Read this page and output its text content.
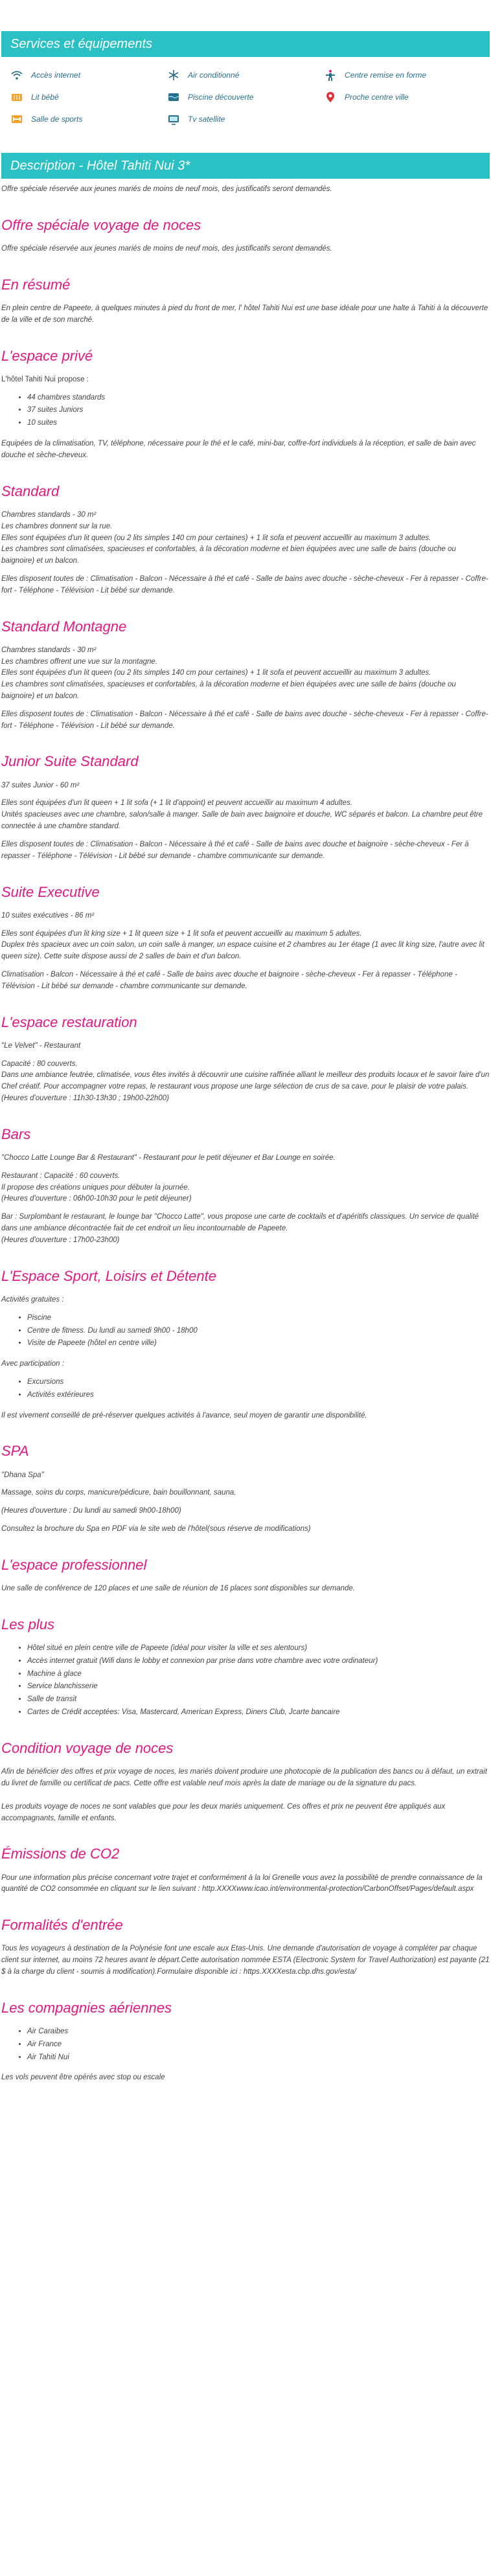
Services et équipements
Accès internet	Air conditionné	Centre remise en forme
Lit bébé	Piscine découverte	Proche centre ville
Salle de sports	Tv satellite
Description - Hôtel Tahiti Nui 3*

Offre spéciale réservée aux jeunes mariés de moins de neuf mois, des justificatifs seront demandés.

Offre spéciale voyage de noces

Offre spéciale réservée aux jeunes mariés de moins de neuf mois, des justificatifs seront demandés.

En résumé

En plein centre de Papeete, à quelques minutes à pied du front de mer, l' hôtel Tahiti Nui est une base idéale pour une halte à Tahiti à la découverte de la ville et de son marché.

L'espace privé

L'hôtel Tahiti Nui propose :

• 44 chambres standards
• 37 suites Juniors
• 10 suites

Equipées de la climatisation, TV, téléphone, nécessaire pour le thé et le café, mini-bar, coffre-fort individuels à la réception, et salle de bain avec douche et sèche-cheveux.

Standard
Chambres standards - 30 m²
Les chambres donnent sur la rue.
Elles sont équipées d'un lit queen (ou 2 lits simples 140 cm pour certaines) + 1 lit sofa et peuvent accueillir au maximum 3 adultes.

Les chambres sont climatisées, spacieuses et confortables, à la décoration moderne et bien équipées avec une salle de bains (douche ou baignoire) et un balcon.

Elles disposent toutes de : Climatisation - Balcon - Nécessaire à thé et café - Salle de bains avec douche - sèche-cheveux - Fer à repasser - Coffre-fort - Téléphone - Télévision - Lit bébé sur demande.

Standard Montagne
Chambres standards - 30 m²
Les chambres offrent une vue sur la montagne.
Elles sont équipées d'un lit queen (ou 2 lits simples 140 cm pour certaines) + 1 lit sofa et peuvent accueillir au maximum 3 adultes.

Les chambres sont climatisées, spacieuses et confortables, à la décoration moderne et bien équipées avec une salle de bains (douche ou baignoire) et un balcon.

Elles disposent toutes de : Climatisation - Balcon - Nécessaire à thé et café - Salle de bains avec douche - sèche-cheveux - Fer à repasser - Coffre-fort - Téléphone - Télévision - Lit bébé sur demande.

Junior Suite Standard

37 suites Junior - 60 m²

Elles sont équipées d'un lit queen + 1 lit sofa (+ 1 lit d'appoint) et peuvent accueillir au maximum 4 adultes.

Unités spacieuses avec une chambre, salon/salle à manger. Salle de bain avec baignoire et douche, WC séparés et balcon. La chambre peut être connectée à une chambre standard.

Elles disposent toutes de : Climatisation - Balcon - Nécessaire à thé et café - Salle de bains avec douche et baignoire - sèche-cheveux - Fer à repasser - Téléphone - Télévision - Lit bébé sur demande - chambre communicante sur demande.

Suite Executive

10 suites exécutives - 86 m²

Elles sont équipées d'un lit king size + 1 lit queen size + 1 lit sofa et peuvent accueillir au maximum 5 adultes.

Duplex très spacieux avec un coin salon, un coin salle à manger, un espace cuisine et 2 chambres au 1er étage (1 avec lit king size, l'autre avec lit queen size). Cette suite dispose aussi de 2 salles de bain et d'un balcon.

Climatisation - Balcon - Nécessaire à thé et café - Salle de bains avec douche et baignoire - sèche-cheveux - Fer à repasser - Téléphone - Télévision - Lit bébé sur demande - chambre communicante sur demande.

L'espace restauration

"Le Velvet" - Restaurant

Capacité : 80 couverts.
Dans une ambiance feutrée, climatisée, vous êtes invités à découvrir une cuisine raffinée alliant le meilleur des produits locaux et le savoir faire d'un Chef créatif. Pour accompagner votre repas, le restaurant vous propose une large sélection de crus de sa cave, pour le plaisir de votre palais.

(Heures d'ouverture : 11h30-13h30 ; 19h00-22h00)

Bars

"Chocco Latte Lounge Bar & Restaurant" - Restaurant pour le petit déjeuner et Bar Lounge en soirée.

Restaurant : Capacité : 60 couverts.
Il propose des créations uniques pour débuter la journée.

(Heures d'ouverture : 06h00-10h30 pour le petit déjeuner)

Bar : Surplombant le restaurant, le lounge bar "Chocco Latte", vous propose une carte de cocktails et d'apéritifs classiques. Un service de qualité dans une ambiance décontractée fait de cet endroit un lieu incontournable de Papeete.

(Heures d'ouverture : 17h00-23h00)

L'Espace Sport, Loisirs et Détente

Activités gratuites :

• Piscine
• Centre de fitness. Du lundi au samedi 9h00 - 18h00
• Visite de Papeete (hôtel en centre ville)

Avec participation :

• Excursions
• Activités extérieures

Il est vivement conseillé de pré-réserver quelques activités à l'avance, seul moyen de garantir une disponibilité.

SPA

"Dhana Spa"

Massage, soins du corps, manicure/pédicure, bain bouillonnant, sauna.

(Heures d'ouverture : Du lundi au samedi 9h00-18h00)

Consultez la brochure du Spa en PDF via le site web de l'hôtel(sous réserve de modifications)

L'espace professionnel

Une salle de conférence de 120 places et une salle de réunion de 16 places sont disponibles sur demande.

Les plus
• Hôtel situé en plein centre ville de Papeete (idéal pour visiter la ville et ses alentours)
• Accès internet gratuit (Wifi dans le lobby et connexion par prise dans votre chambre avec votre ordinateur)
• Machine à glace
• Service blanchisserie
• Salle de transit
• Cartes de Crédit acceptées: Visa, Mastercard, American Express, Diners Club, Jcarte bancaire
Condition voyage de noces

Afin de bénéficier des offres et prix voyage de noces, les mariés doivent produire une photocopie de la publication des bancs ou à défaut, un extrait du livret de famille ou certificat de pacs. Cette offre est valable neuf mois après la date de mariage ou de la signature du pacs.

Les produits voyage de noces ne sont valables que pour les deux mariés uniquement. Ces offres et prix ne peuvent être appliqués aux accompagnants, famille et enfants.

Émissions de CO2

Pour une information plus précise concernant votre trajet et conformément à la loi Grenelle vous avez la possibilité de prendre connaissance de la quantité de CO2 consommée en cliquant sur le lien suivant : http.XXXXwww.icao.int/environmental-protection/CarbonOffset/Pages/default.aspx

Formalités d'entrée

Tous les voyageurs à destination de la Polynésie font une escale aux Etas-Unis. Une demande d'autorisation de voyage à compléter par chaque client sur internet, au moins 72 heures avant le départ.Cette autorisation nommée ESTA (Electronic System for Travel Authorization) est payante (21 $ à la charge du client - soumis à modification).Formulaire disponible ici : https.XXXXesta.cbp.dhs.gov/esta/

Les compagnies aériennes
• Air Caraibes
• Air France
• Air Tahiti Nui

Les vols peuvent être opérés avec stop ou escale
